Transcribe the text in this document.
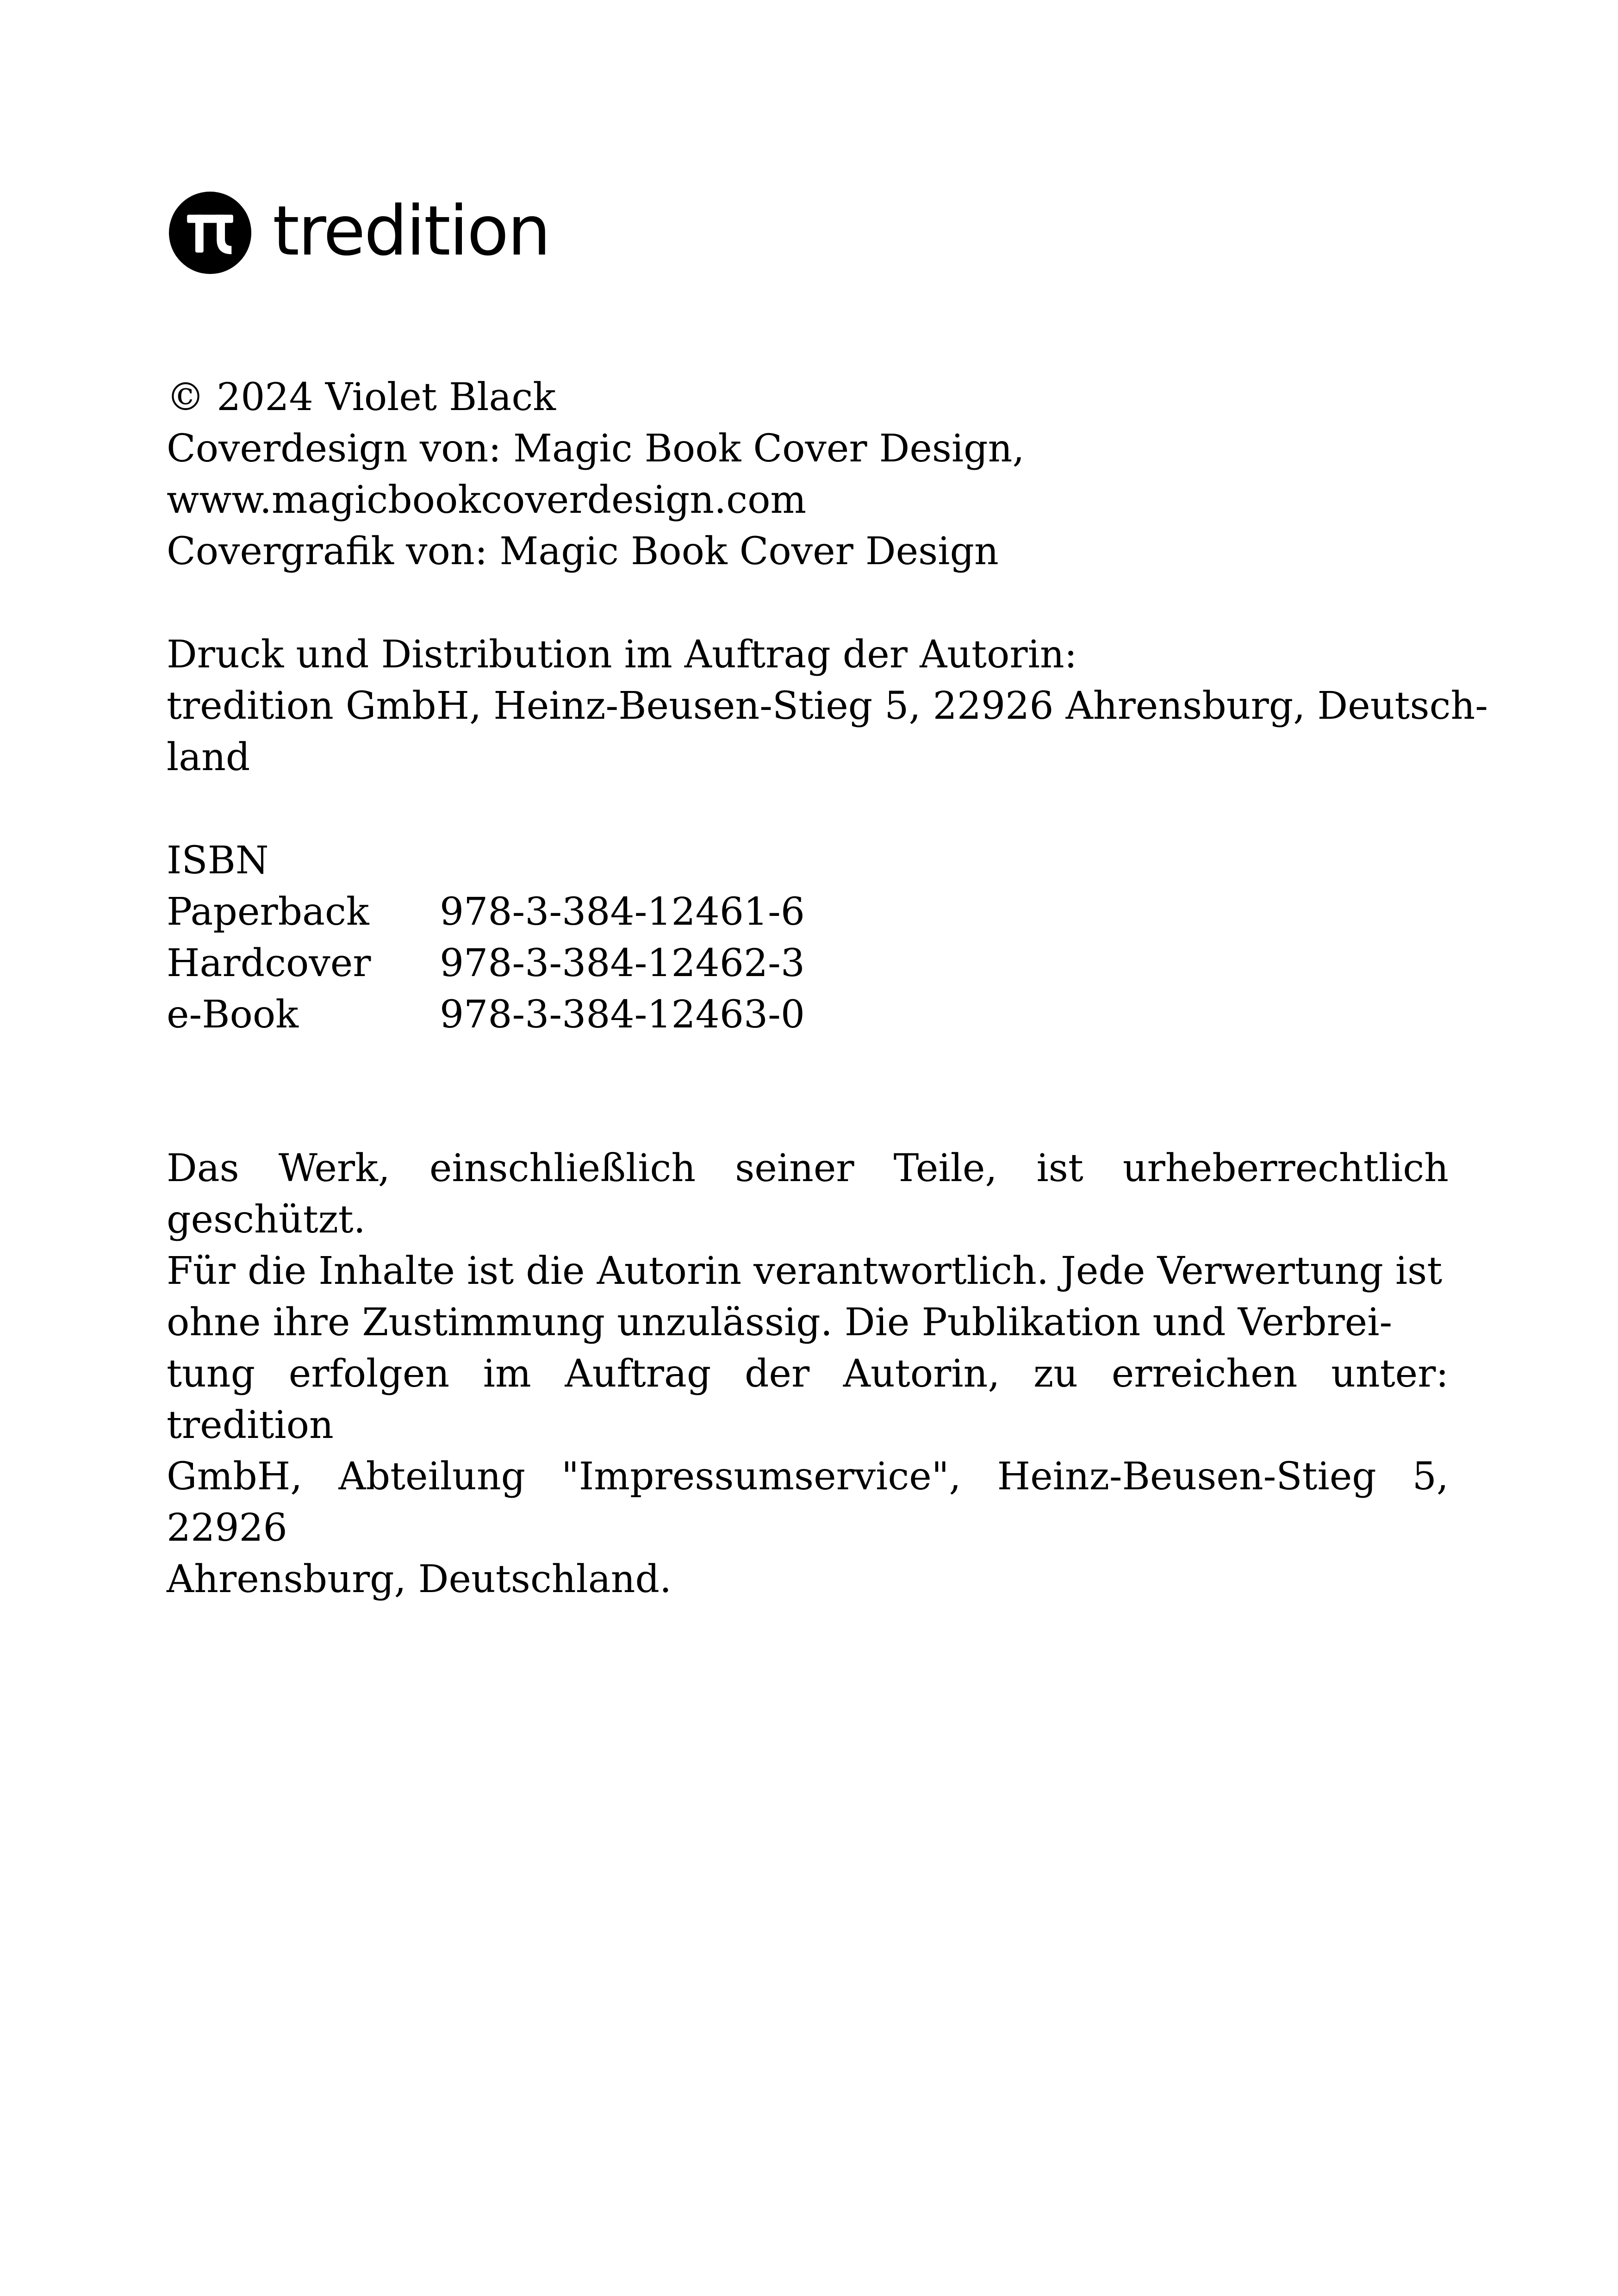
tredition
© 2024 Violet Black
Coverdesign von: Magic Book Cover Design,
www.magicbookcoverdesign.com
Covergrafik von: Magic Book Cover Design
Druck und Distribution im Auftrag der Autorin:
tredition GmbH, Heinz-Beusen-Stieg 5, 22926 Ahrensburg, Deutsch-
land
ISBN
Paperback	978-3-384-12461-6
Hardcover	978-3-384-12462-3
e-Book	978-3-384-12463-0
Das Werk, einschließlich seiner Teile, ist urheberrechtlich geschützt.
Für die Inhalte ist die Autorin verantwortlich. Jede Verwertung ist
ohne ihre Zustimmung unzulässig. Die Publikation und Verbrei-
tung erfolgen im Auftrag der Autorin, zu erreichen unter: tredition
GmbH, Abteilung "Impressumservice", Heinz-Beusen-Stieg 5, 22926
Ahrensburg, Deutschland.
